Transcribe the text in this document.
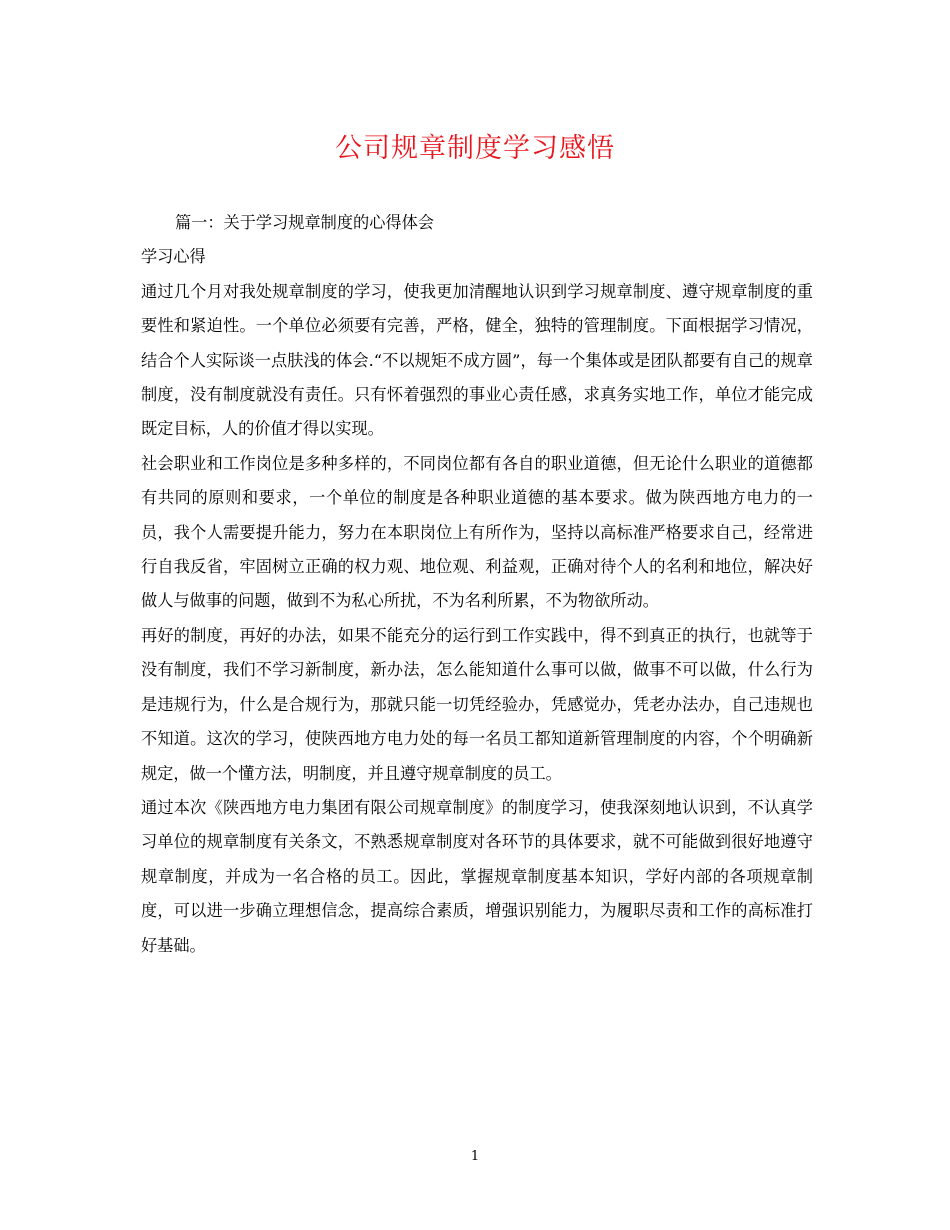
公司规章制度学习感悟

篇一：关于学习规章制度的心得体会

学习心得

通过几个月对我处规章制度的学习，使我更加清醒地认识到学习规章制度、遵守规章制度的重要性和紧迫性。一个单位必须要有完善，严格，健全，独特的管理制度。下面根据学习情况，结合个人实际谈一点肤浅的体会.“不以规矩不成方圆”，每一个集体或是团队都要有自己的规章制度，没有制度就没有责任。只有怀着强烈的事业心责任感，求真务实地工作，单位才能完成既定目标，人的价值才得以实现。

社会职业和工作岗位是多种多样的，不同岗位都有各自的职业道德，但无论什么职业的道德都有共同的原则和要求，一个单位的制度是各种职业道德的基本要求。做为陕西地方电力的一员，我个人需要提升能力，努力在本职岗位上有所作为，坚持以高标准严格要求自己，经常进行自我反省，牢固树立正确的权力观、地位观、利益观，正确对待个人的名利和地位，解决好做人与做事的问题，做到不为私心所扰，不为名利所累，不为物欲所动。

再好的制度，再好的办法，如果不能充分的运行到工作实践中，得不到真正的执行，也就等于没有制度，我们不学习新制度，新办法，怎么能知道什么事可以做，做事不可以做，什么行为是违规行为，什么是合规行为，那就只能一切凭经验办，凭感觉办，凭老办法办，自己违规也不知道。这次的学习，使陕西地方电力处的每一名员工都知道新管理制度的内容，个个明确新规定，做一个懂方法，明制度，并且遵守规章制度的员工。

通过本次《陕西地方电力集团有限公司规章制度》的制度学习，使我深刻地认识到，不认真学习单位的规章制度有关条文，不熟悉规章制度对各环节的具体要求，就不可能做到很好地遵守规章制度，并成为一名合格的员工。因此，掌握规章制度基本知识，学好内部的各项规章制度，可以进一步确立理想信念，提高综合素质，增强识别能力，为履职尽责和工作的高标准打好基础。

1
